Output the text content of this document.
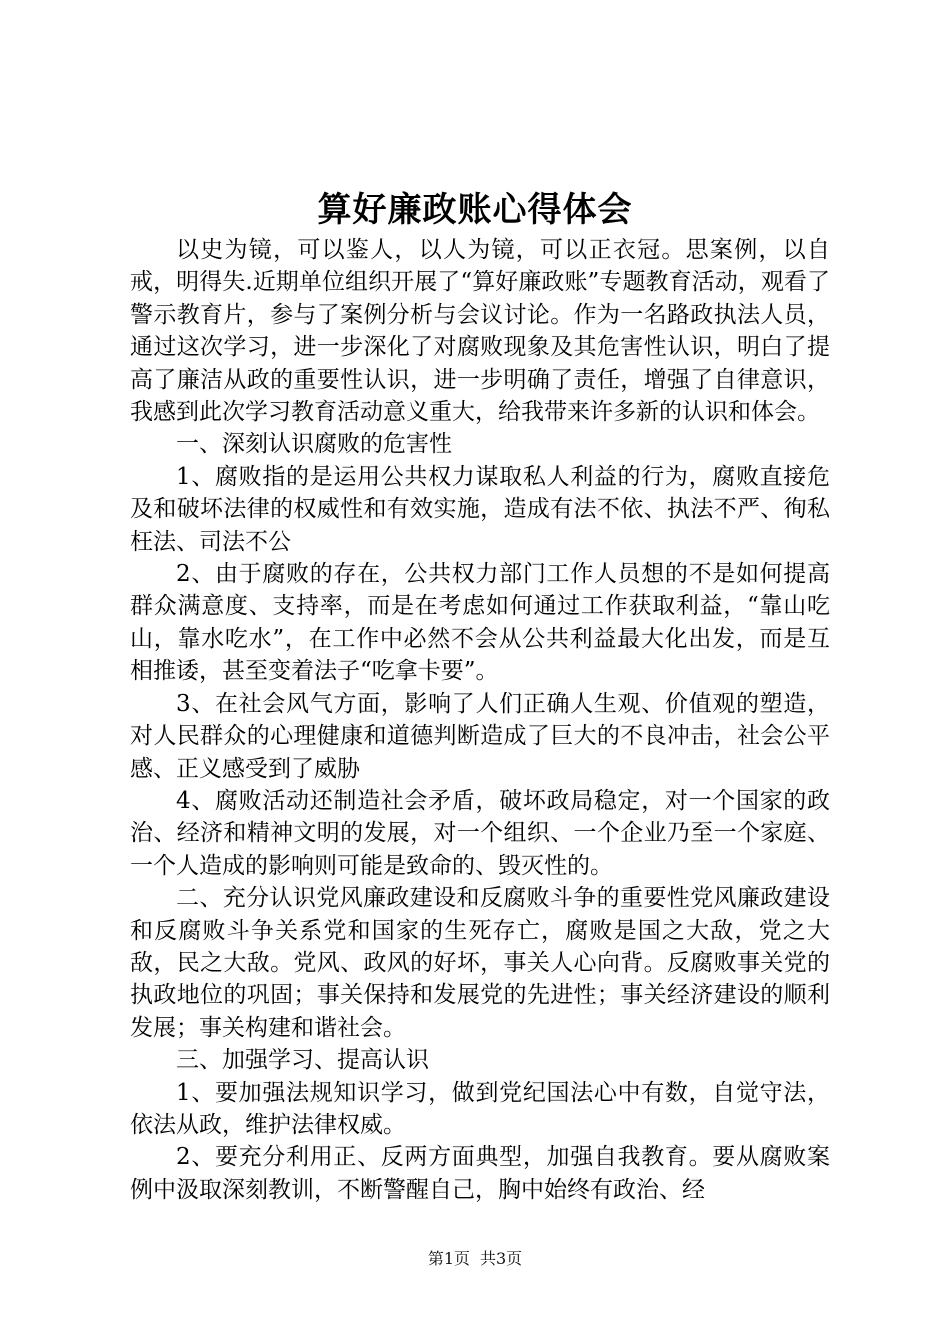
算好廉政账心得体会

以史为镜，可以鉴人，以人为镜，可以正衣冠。思案例，以自戒，明得失.近期单位组织开展了“算好廉政账”专题教育活动，观看了警示教育片，参与了案例分析与会议讨论。作为一名路政执法人员，通过这次学习，进一步深化了对腐败现象及其危害性认识，明白了提高了廉洁从政的重要性认识，进一步明确了责任，增强了自律意识，我感到此次学习教育活动意义重大，给我带来许多新的认识和体会。

一、深刻认识腐败的危害性

1、腐败指的是运用公共权力谋取私人利益的行为，腐败直接危及和破坏法律的权威性和有效实施，造成有法不依、执法不严、徇私枉法、司法不公

2、由于腐败的存在，公共权力部门工作人员想的不是如何提高群众满意度、支持率，而是在考虑如何通过工作获取利益，“靠山吃山，靠水吃水”，在工作中必然不会从公共利益最大化出发，而是互相推诿，甚至变着法子“吃拿卡要”。

3、在社会风气方面，影响了人们正确人生观、价值观的塑造，对人民群众的心理健康和道德判断造成了巨大的不良冲击，社会公平感、正义感受到了威胁

4、腐败活动还制造社会矛盾，破坏政局稳定，对一个国家的政治、经济和精神文明的发展，对一个组织、一个企业乃至一个家庭、一个人造成的影响则可能是致命的、毁灭性的。

二、充分认识党风廉政建设和反腐败斗争的重要性党风廉政建设和反腐败斗争关系党和国家的生死存亡，腐败是国之大敌，党之大敌，民之大敌。党风、政风的好坏，事关人心向背。反腐败事关党的执政地位的巩固；事关保持和发展党的先进性；事关经济建设的顺利发展；事关构建和谐社会。

三、加强学习、提高认识

1、要加强法规知识学习，做到党纪国法心中有数，自觉守法，依法从政，维护法律权威。

2、要充分利用正、反两方面典型，加强自我教育。要从腐败案例中汲取深刻教训，不断警醒自己，胸中始终有政治、经

第1页 共3页
